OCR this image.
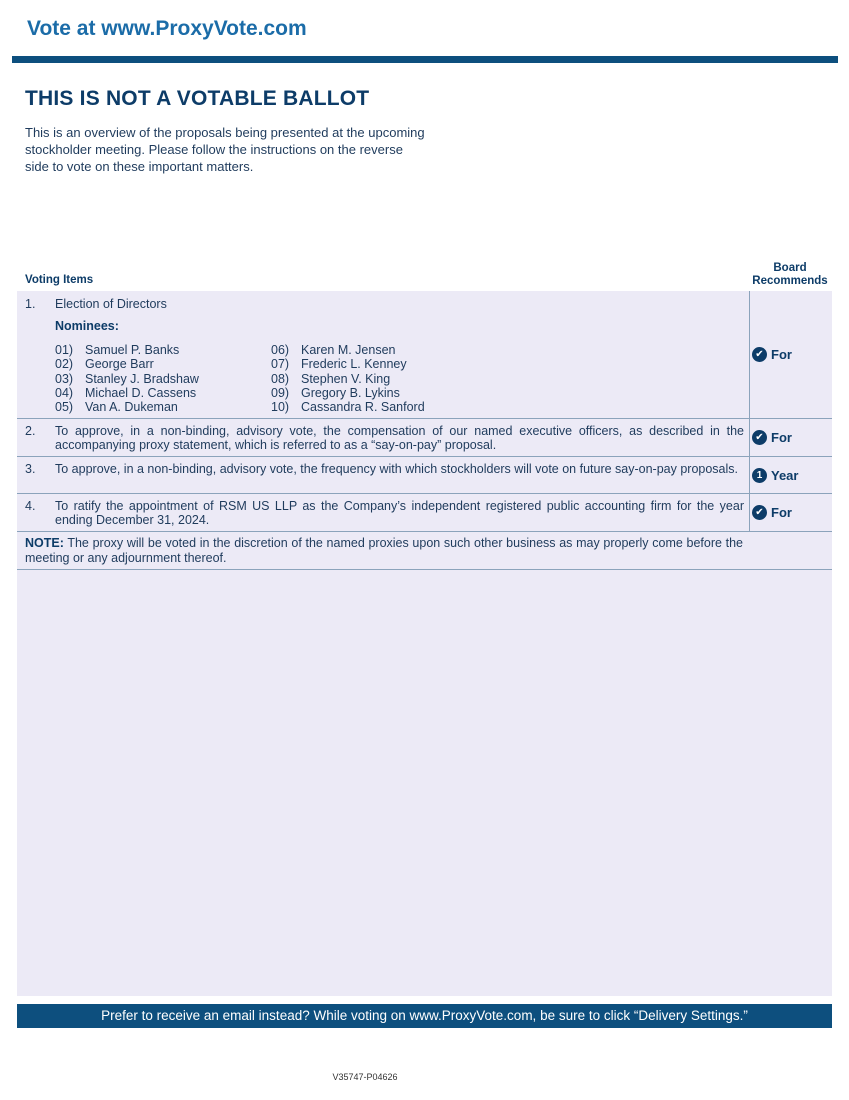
Vote at www.ProxyVote.com
THIS IS NOT A VOTABLE BALLOT
This is an overview of the proposals being presented at the upcoming stockholder meeting. Please follow the instructions on the reverse side to vote on these important matters.
Voting Items
Board
Recommends
1. Election of Directors
Nominees:
01) Samuel P. Banks
02) George Barr
03) Stanley J. Bradshaw
04) Michael D. Cassens
05) Van A. Dukeman
06) Karen M. Jensen
07) Frederic L. Kenney
08) Stephen V. King
09) Gregory B. Lykins
10) Cassandra R. Sanford
✔ For
2. To approve, in a non-binding, advisory vote, the compensation of our named executive officers, as described in the accompanying proxy statement, which is referred to as a “say-on-pay” proposal.
✔ For
3. To approve, in a non-binding, advisory vote, the frequency with which stockholders will vote on future say-on-pay proposals.	1 Year
4. To ratify the appointment of RSM US LLP as the Company’s independent registered public accounting firm for the year ending December 31, 2024.
✔ For
NOTE: The proxy will be voted in the discretion of the named proxies upon such other business as may properly come before the meeting or any adjournment thereof.
Prefer to receive an email instead? While voting on www.ProxyVote.com, be sure to click “Delivery Settings.”
V35747-P04626
